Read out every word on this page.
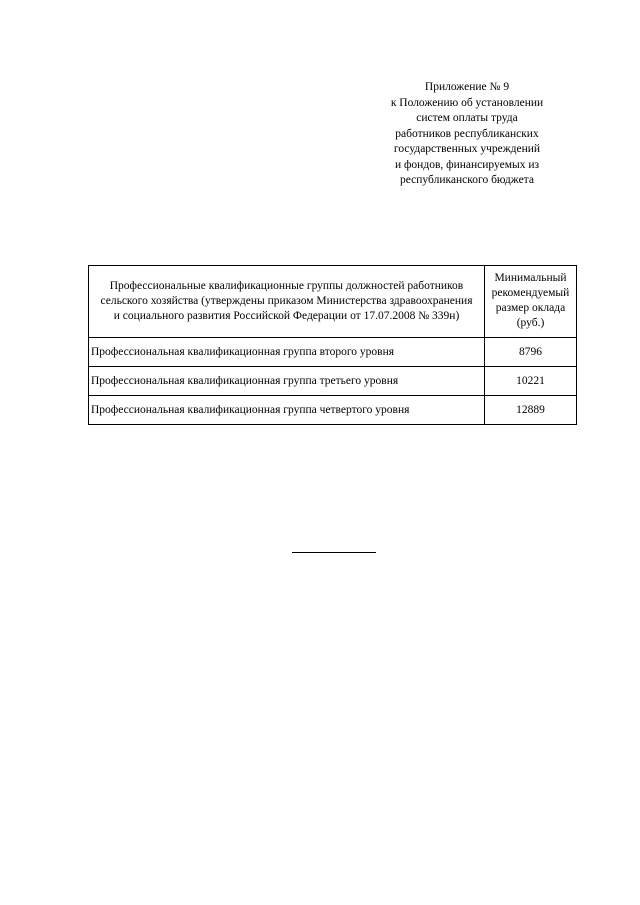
Приложение № 9
к Положению об установлении
систем оплаты труда
работников республиканских
государственных учреждений
и фондов, финансируемых из
республиканского бюджета
Профессиональные квалификационные группы должностей работников сельского хозяйства (утверждены приказом Министерства здравоохранения и социального развития Российской Федерации от 17.07.2008 № 339н)	Минимальный
рекомендуемый
размер оклада
(руб.)

Профессиональная квалификационная группа второго уровня	8796
Профессиональная квалификационная группа третьего уровня	10221
Профессиональная квалификационная группа четвертого уровня	12889
